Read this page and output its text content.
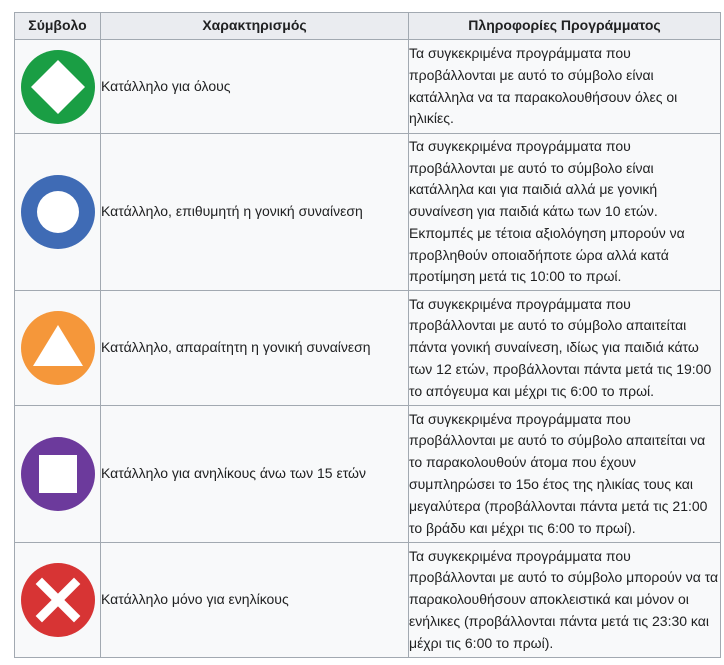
Σύμβολο	Χαρακτηρισμός	Πληροφορίες Προγράμματος

	Κατάλληλο για όλους	Τα συγκεκριμένα προγράμματα που προβάλλονται με αυτό το σύμβολο είναι κατάλληλα να τα παρακολουθήσουν όλες οι ηλικίες.

	Κατάλληλο, επιθυμητή η γονική συναίνεση	Τα συγκεκριμένα προγράμματα που προβάλλονται με αυτό το σύμβολο είναι κατάλληλα και για παιδιά αλλά με γονική συναίνεση για παιδιά κάτω των 10 ετών. Εκπομπές με τέτοια αξιολόγηση μπορούν να προβληθούν οποιαδήποτε ώρα αλλά κατά προτίμηση μετά τις 10:00 το πρωί.

	Κατάλληλο, απαραίτητη η γονική συναίνεση	Τα συγκεκριμένα προγράμματα που προβάλλονται με αυτό το σύμβολο απαιτείται πάντα γονική συναίνεση, ιδίως για παιδιά κάτω των 12 ετών, προβάλλονται πάντα μετά τις 19:00 το απόγευμα και μέχρι τις 6:00 το πρωί.

	Κατάλληλο για ανηλίκους άνω των 15 ετών	Τα συγκεκριμένα προγράμματα που προβάλλονται με αυτό το σύμβολο απαιτείται να το παρακολουθούν άτομα που έχουν συμπληρώσει το 15ο έτος της ηλικίας τους και μεγαλύτερα (προβάλλονται πάντα μετά τις 21:00 το βράδυ και μέχρι τις 6:00 το πρωί).

	Κατάλληλο μόνο για ενηλίκους	Τα συγκεκριμένα προγράμματα που προβάλλονται με αυτό το σύμβολο μπορούν να τα παρακολουθήσουν αποκλειστικά και μόνον οι ενήλικες (προβάλλονται πάντα μετά τις 23:30 και μέχρι τις 6:00 το πρωί).
